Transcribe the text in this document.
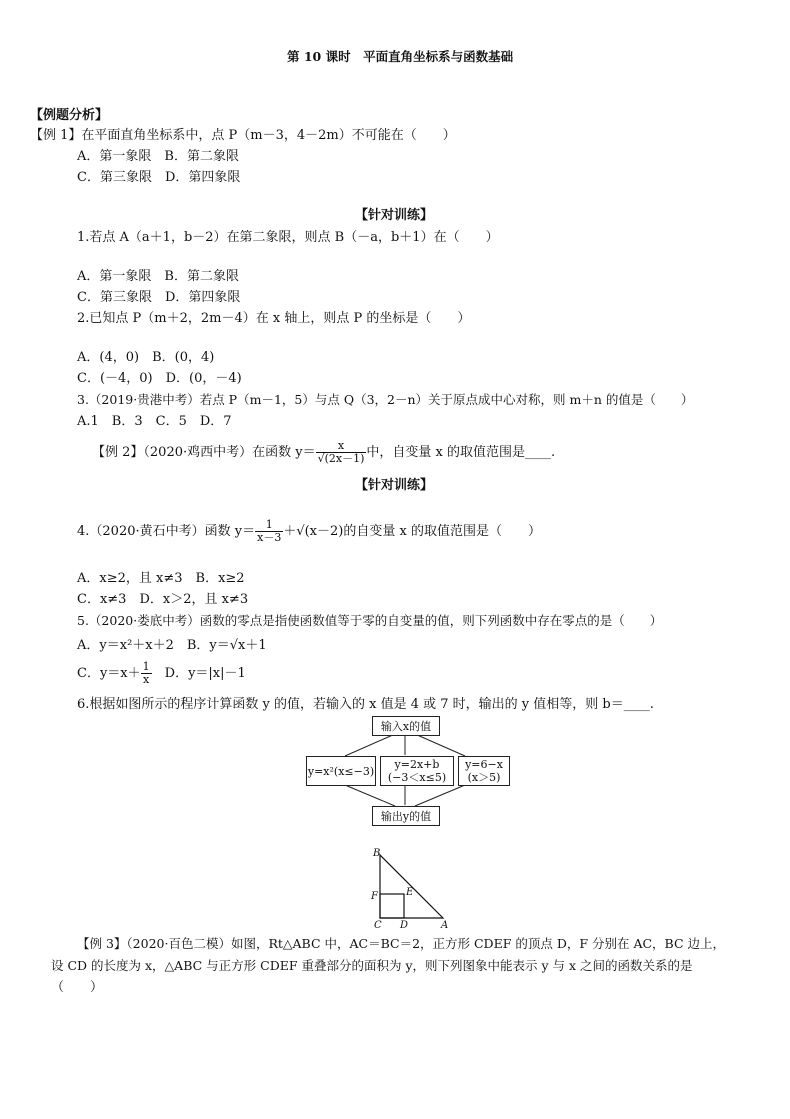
第 10 课时　平面直角坐标系与函数基础
【例题分析】
【例 1】在平面直角坐标系中，点 P（m－3，4－2m）不可能在（　　）
A．第一象限　B．第二象限
C．第三象限　D．第四象限
【针对训练】
1.若点 A（a＋1，b－2）在第二象限，则点 B（－a，b＋1）在（　　）
A．第一象限　B．第二象限
C．第三象限　D．第四象限
2.已知点 P（m＋2，2m－4）在 x 轴上，则点 P 的坐标是（　　）
A．(4，0)　B．(0，4)
C．(－4，0)　D．(0，－4)
3.（2019·贵港中考）若点 P（m－1，5）与点 Q（3，2－n）关于原点成中心对称，则 m＋n 的值是（　　）
A.1　B．3　C．5　D．7
【例 2】（2020·鸡西中考）在函数 $y= \frac{x}{√(2x-1)}$ 中，自变量 x 的取值范围是____.
【针对训练】
4.（2020·黄石中考）函数 $y= \frac{1}{x-3} +√(x-2)$的自变量 x 的取值范围是（　　）
A．x≥2，且 x≠3　B．x≥2
C．x≠3　D．x＞2，且 x≠3
5.（2020·娄底中考）函数的零点是指使函数值等于零的自变量的值，则下列函数中存在零点的是（　　）
A．y＝x²＋x＋2　B．y＝√x＋1
C．$y=x+ \frac{1}{x}$
　 D．y＝|x|－1
6.根据如图所示的程序计算函数 y 的值，若输入的 x 值是 4 或 7 时，输出的 y 值相等，则 b＝____.
输入x的值
y=x²(x≤−3) y=2x+b
(−3＜x≤5)
y=6−x
(x＞5)
输出y的值
B
F	E
C D	A
【例 3】（2020·百色二模）如图，Rt△ABC 中，AC＝BC＝2，正方形 CDEF 的顶点 D，F 分别在 AC，BC 边上，
设 CD 的长度为 x，△ABC 与正方形 CDEF 重叠部分的面积为 y，则下列图象中能表示 y 与 x 之间的函数关系的是
（　　）
